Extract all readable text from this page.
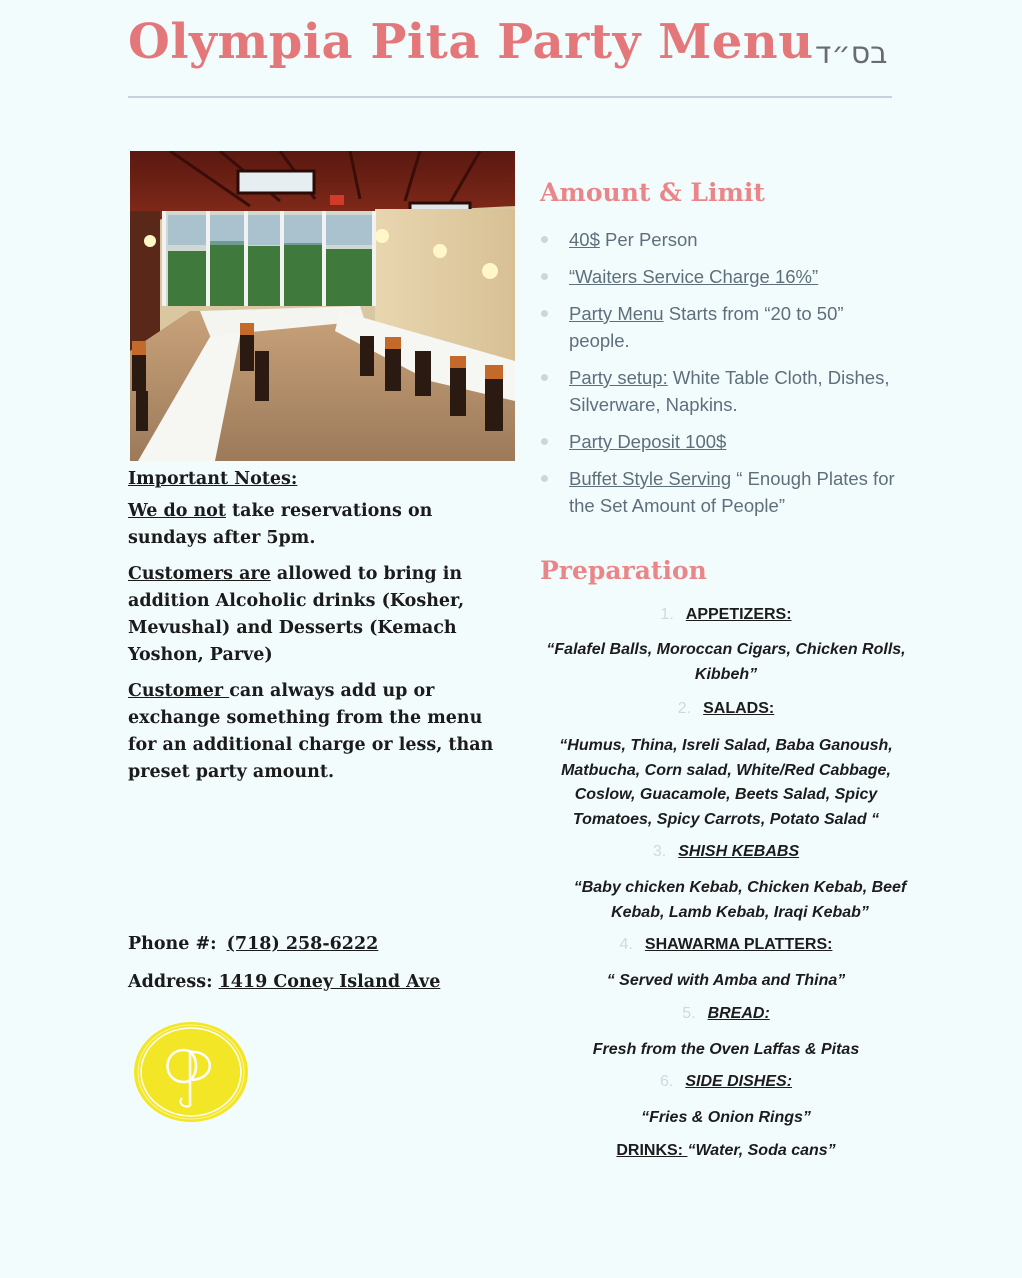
Olympia Pita Party Menu בס״ד

Important Notes:

We do not take reservations on sundays after 5pm.

Customers are allowed to bring in addition Alcoholic drinks (Kosher, Mevushal) and Desserts (Kemach Yoshon, Parve)

Customer can always add up or exchange something from the menu for an additional charge or less, than preset party amount.

Phone #: (718) 258-6222
Address: 1419 Coney Island Ave
Amount & Limit
40$ Per Person
“Waiters Service Charge 16%”
Party Menu Starts from “20 to 50” people.
Party setup: White Table Cloth, Dishes, Silverware, Napkins.
Party Deposit 100$
Buffet Style Serving “ Enough Plates for the Set Amount of People”
Preparation
1. APPETIZERS:
“Falafel Balls, Moroccan Cigars, Chicken Rolls, Kibbeh”
2. SALADS:
“Humus, Thina, Isreli Salad, Baba Ganoush, Matbucha, Corn salad, White/Red Cabbage, Coslow, Guacamole, Beets Salad, Spicy Tomatoes, Spicy Carrots, Potato Salad “
3. SHISH KEBABS
“Baby chicken Kebab, Chicken Kebab, Beef Kebab, Lamb Kebab, Iraqi Kebab”
4. SHAWARMA PLATTERS:
“ Served with Amba and Thina”
5. BREAD:
Fresh from the Oven Laffas & Pitas
6. SIDE DISHES:
“Fries & Onion Rings”
DRINKS: “Water, Soda cans”
